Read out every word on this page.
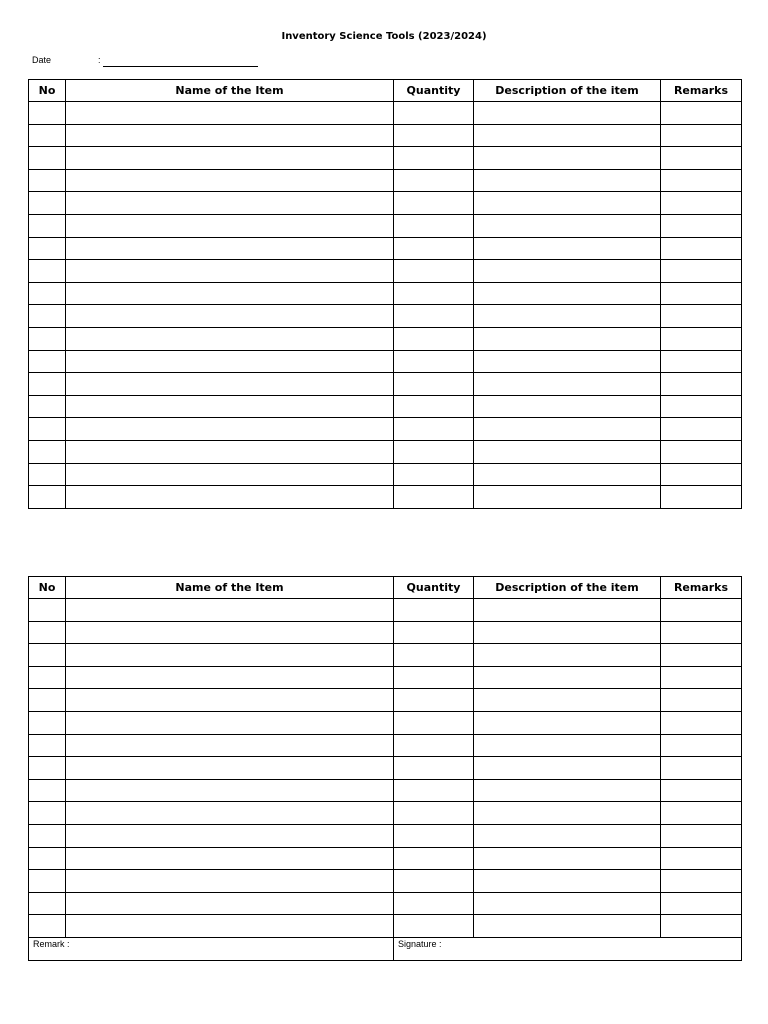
Inventory Science Tools (2023/2024)
Date	:
No	Name of the Item	Quantity	Description of the item	Remarks

No	Name of the Item	Quantity	Description of the item	Remarks

Remark :		Signature :		
